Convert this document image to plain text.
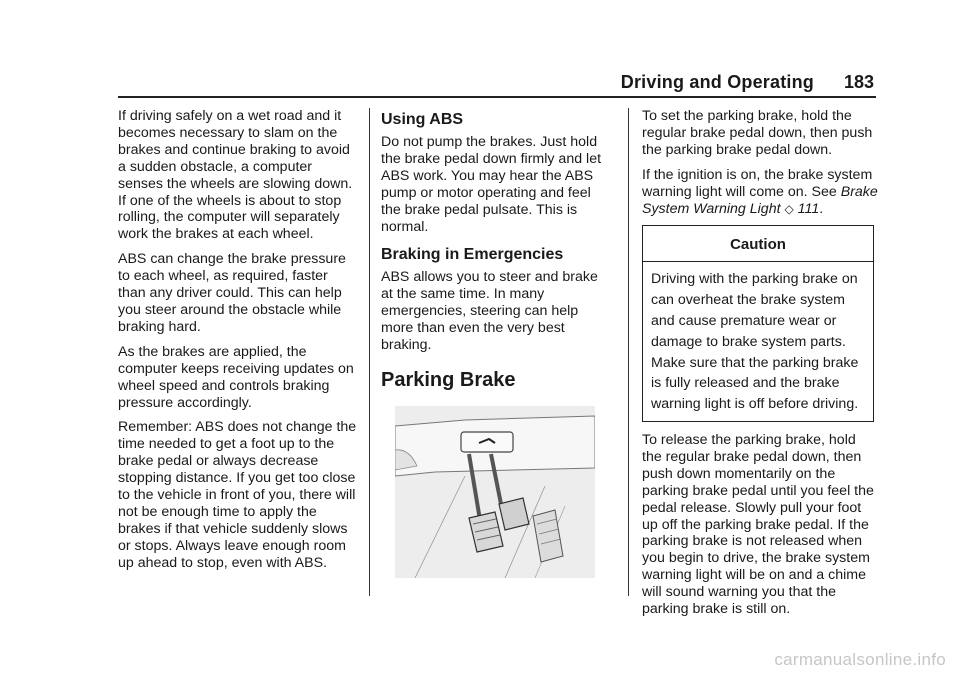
Driving and Operating 183

If driving safely on a wet road and it becomes necessary to slam on the brakes and continue braking to avoid a sudden obstacle, a computer senses the wheels are slowing down. If one of the wheels is about to stop rolling, the computer will separately work the brakes at each wheel.

ABS can change the brake pressure to each wheel, as required, faster than any driver could. This can help you steer around the obstacle while braking hard.

As the brakes are applied, the computer keeps receiving updates on wheel speed and controls braking pressure accordingly.

Remember: ABS does not change the time needed to get a foot up to the brake pedal or always decrease stopping distance. If you get too close to the vehicle in front of you, there will not be enough time to apply the brakes if that vehicle suddenly slows or stops. Always leave enough room up ahead to stop, even with ABS.

Using ABS

Do not pump the brakes. Just hold the brake pedal down firmly and let ABS work. You may hear the ABS pump or motor operating and feel the brake pedal pulsate. This is normal.

Braking in Emergencies

ABS allows you to steer and brake at the same time. In many emergencies, steering can help more than even the very best braking.

Parking Brake

To set the parking brake, hold the regular brake pedal down, then push the parking brake pedal down.

If the ignition is on, the brake system warning light will come on. See Brake System Warning Light ◇ 111.

Caution
Driving with the parking brake on can overheat the brake system and cause premature wear or damage to brake system parts. Make sure that the parking brake is fully released and the brake warning light is off before driving.

To release the parking brake, hold the regular brake pedal down, then push down momentarily on the parking brake pedal until you feel the pedal release. Slowly pull your foot up off the parking brake pedal. If the parking brake is not released when you begin to drive, the brake system warning light will be on and a chime will sound warning you that the parking brake is still on.

carmanualsonline.info
